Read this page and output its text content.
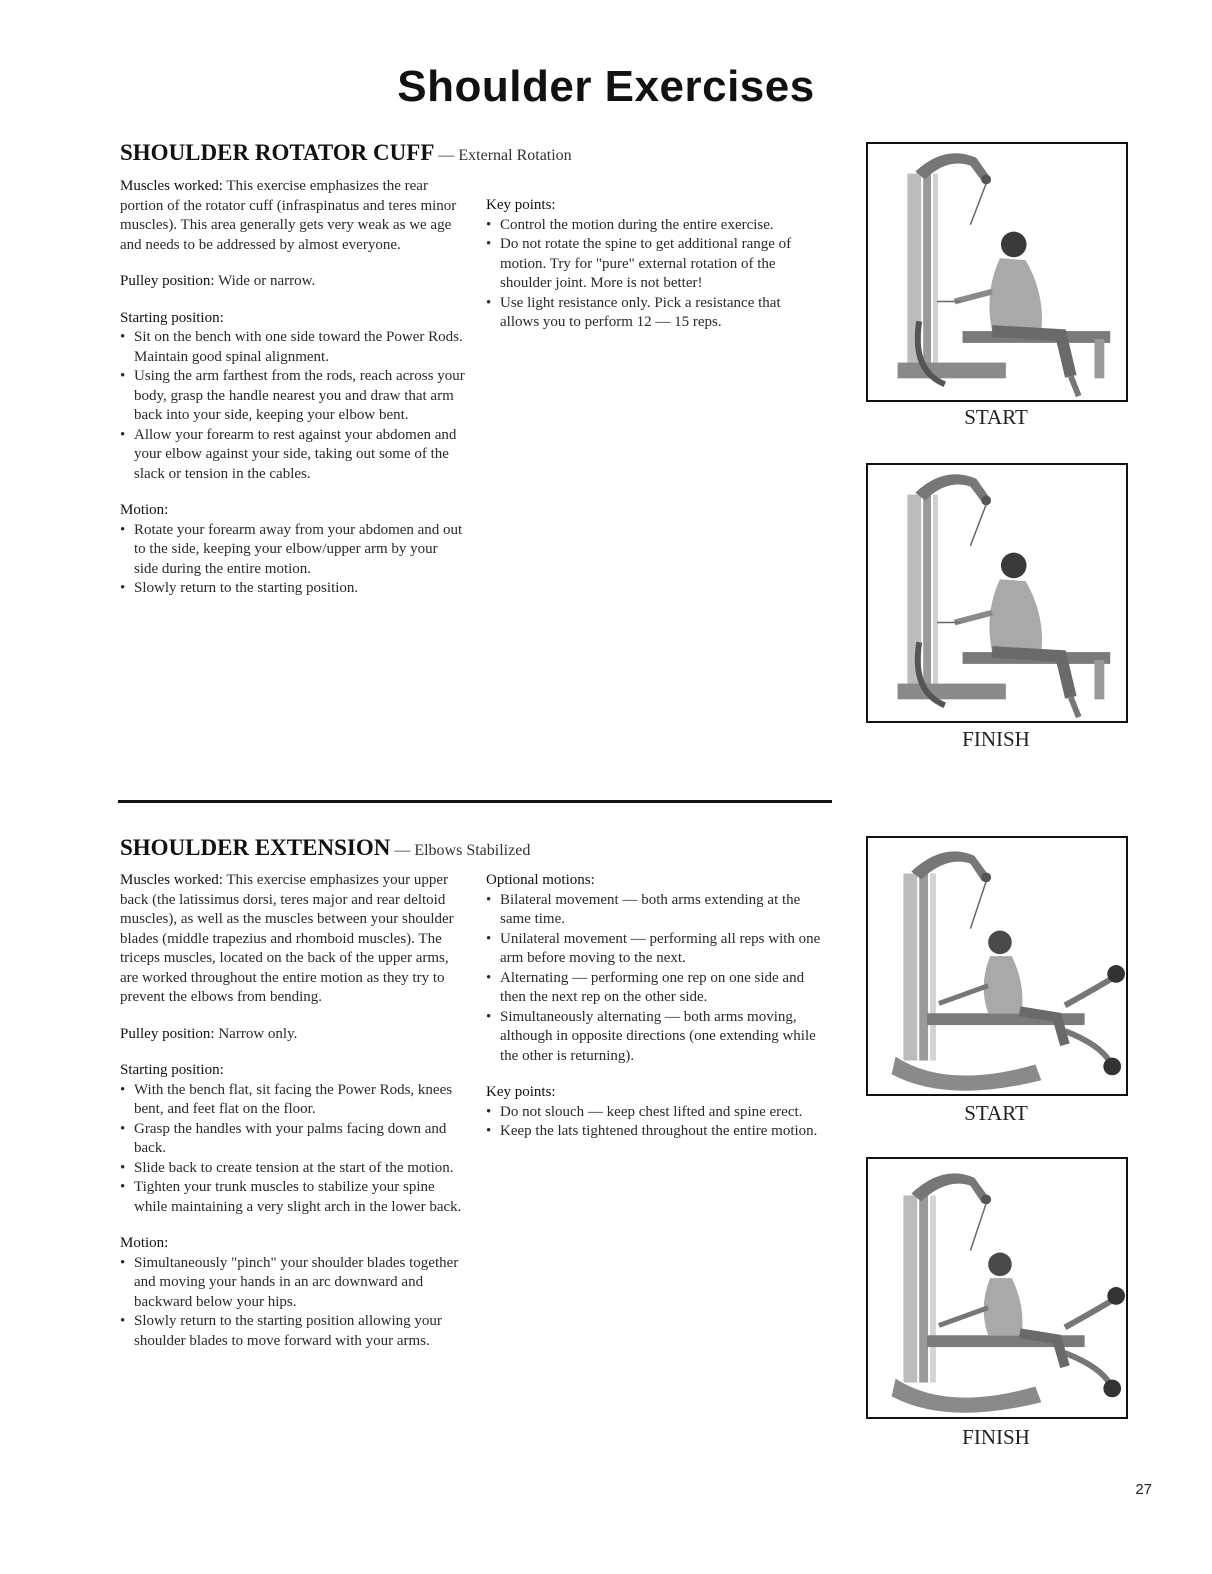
Shoulder Exercises
SHOULDER ROTATOR CUFF — External Rotation

Muscles worked: This exercise emphasizes the rear portion of the rotator cuff (infraspinatus and teres minor muscles). This area generally gets very weak as we age and needs to be addressed by almost everyone.

Pulley position: Wide or narrow.

Starting position:
• Sit on the bench with one side toward the Power Rods. Maintain good spinal alignment.
• Using the arm farthest from the rods, reach across your body, grasp the handle nearest you and draw that arm back into your side, keeping your elbow bent.
• Allow your forearm to rest against your abdomen and your elbow against your side, taking out some of the slack or tension in the cables.
Motion:
• Rotate your forearm away from your abdomen and out to the side, keeping your elbow/upper arm by your side during the entire motion.
• Slowly return to the starting position.
Key points:
• Control the motion during the entire exercise.
• Do not rotate the spine to get additional range of motion. Try for "pure" external rotation of the shoulder joint. More is not better!
• Use light resistance only. Pick a resistance that allows you to perform 12 — 15 reps.
START
FINISH
SHOULDER EXTENSION — Elbows Stabilized

Muscles worked: This exercise emphasizes your upper back (the latissimus dorsi, teres major and rear deltoid muscles), as well as the muscles between your shoulder blades (middle trapezius and rhomboid muscles). The triceps muscles, located on the back of the upper arms, are worked throughout the entire motion as they try to prevent the elbows from bending.

Pulley position: Narrow only.

Starting position:
• With the bench flat, sit facing the Power Rods, knees bent, and feet flat on the floor.
• Grasp the handles with your palms facing down and back.
• Slide back to create tension at the start of the motion.
• Tighten your trunk muscles to stabilize your spine while maintaining a very slight arch in the lower back.
Motion:
• Simultaneously "pinch" your shoulder blades together and moving your hands in an arc downward and backward below your hips.
• Slowly return to the starting position allowing your shoulder blades to move forward with your arms.
Optional motions:
• Bilateral movement — both arms extending at the same time.
• Unilateral movement — performing all reps with one arm before moving to the next.
• Alternating — performing one rep on one side and then the next rep on the other side.
• Simultaneously alternating — both arms moving, although in opposite directions (one extending while the other is returning).
Key points:
• Do not slouch — keep chest lifted and spine erect.
• Keep the lats tightened throughout the entire motion.
START
FINISH
27
